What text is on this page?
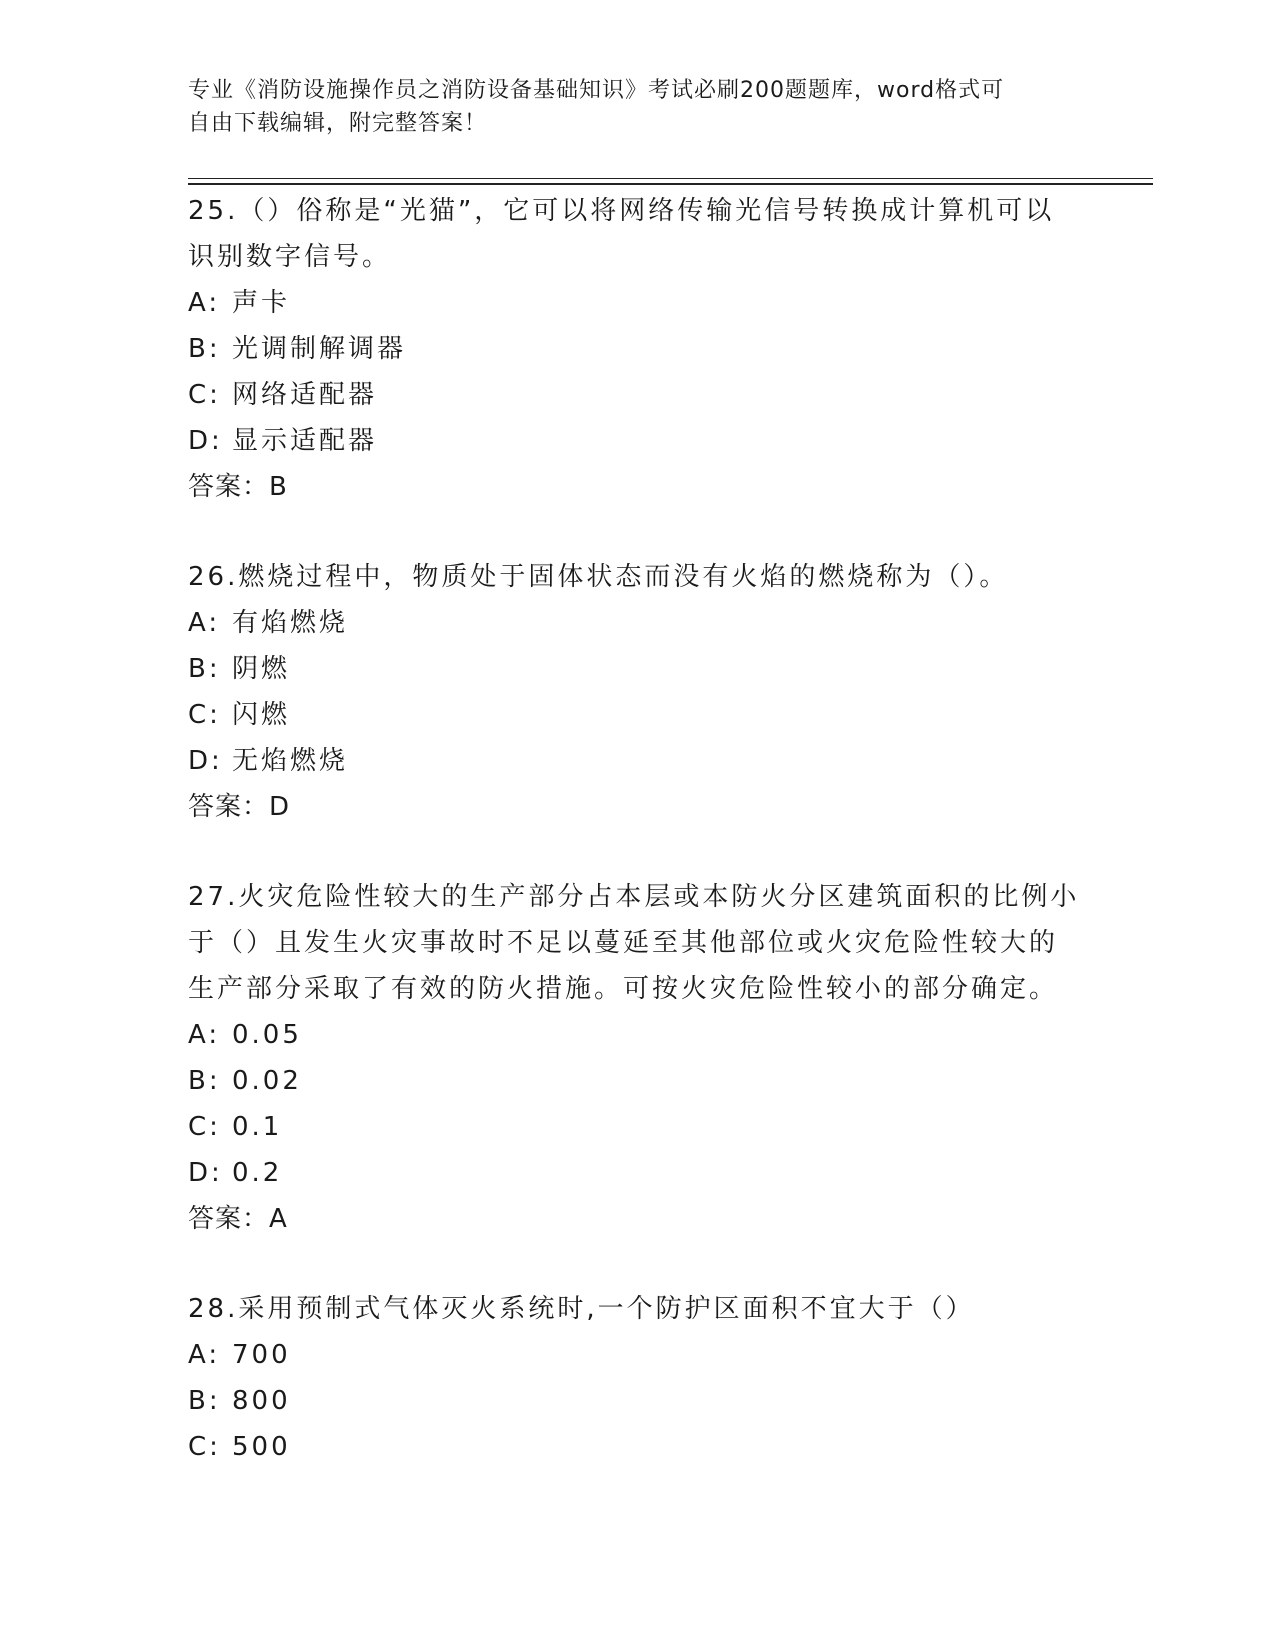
专业《消防设施操作员之消防设备基础知识》考试必刷200题题库，word格式可
自由下载编辑，附完整答案！

25.（）俗称是“光猫”，它可以将网络传输光信号转换成计算机可以

识别数字信号。

A: 声卡

B: 光调制解调器

C: 网络适配器

D: 显示适配器

答案：B

26.燃烧过程中，物质处于固体状态而没有火焰的燃烧称为（）。

A: 有焰燃烧

B: 阴燃

C: 闪燃

D: 无焰燃烧

答案：D

27.火灾危险性较大的生产部分占本层或本防火分区建筑面积的比例小

于（）且发生火灾事故时不足以蔓延至其他部位或火灾危险性较大的

生产部分采取了有效的防火措施。可按火灾危险性较小的部分确定。

A: 0.05

B: 0.02

C: 0.1

D: 0.2

答案：A

28.采用预制式气体灭火系统时,一个防护区面积不宜大于（）

A: 700

B: 800

C: 500
